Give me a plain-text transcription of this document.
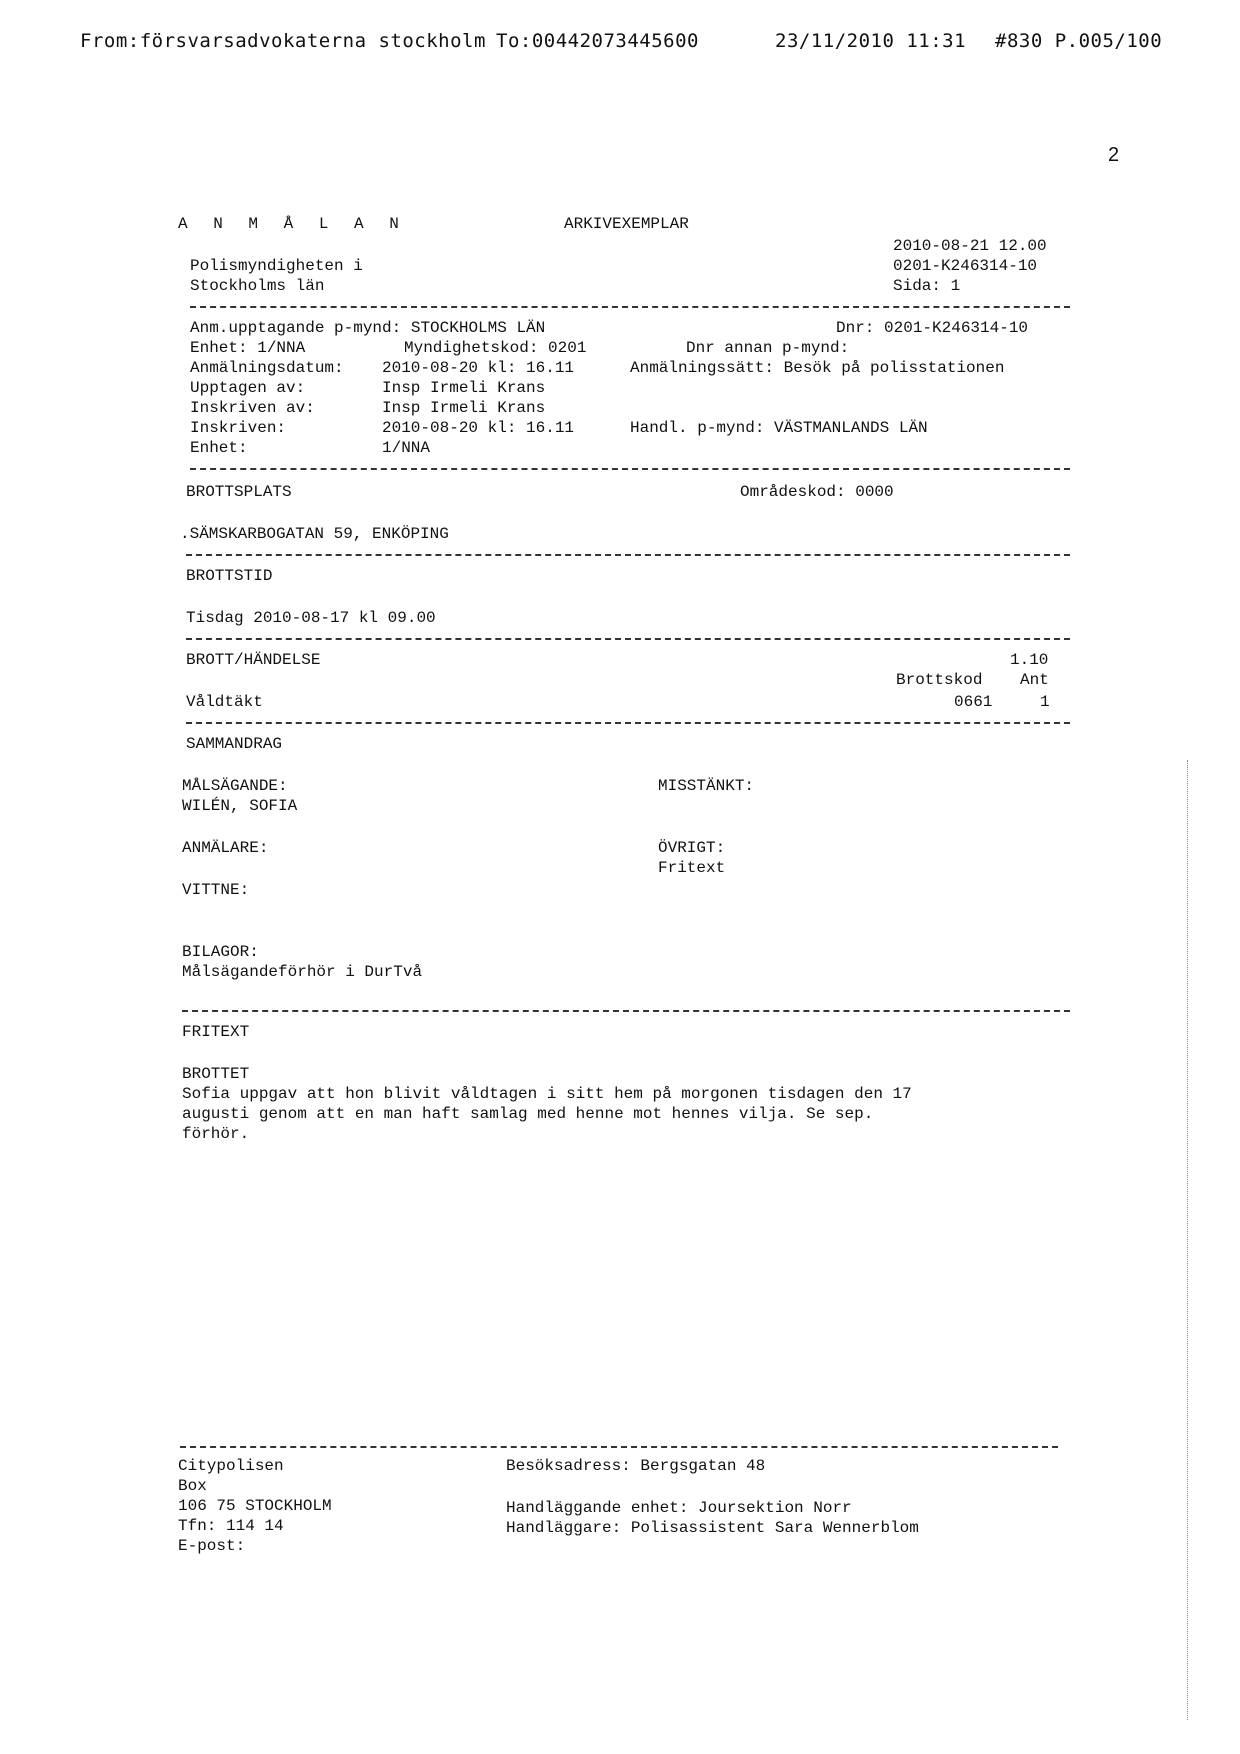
From:försvarsadvokaterna stockholm To:00442073445600	23/11/2010 11:31 #830 P.005/100
2
A N M Å L A N	ARKIVEXEMPLAR
2010-08-21 12.00
Polismyndigheten i	0201-K246314-10
Stockholms län	Sida: 1
Anm.upptagande p-mynd: STOCKHOLMS LÄN	Dnr: 0201-K246314-10
Enhet: 1/NNA	Myndighetskod: 0201	Dnr annan p-mynd:
Anmälningsdatum: 2010-08-20 kl: 16.11	Anmälningssätt: Besök på polisstationen
Upptagen av:	Insp Irmeli Krans
Inskriven av:	Insp Irmeli Krans
Inskriven:	2010-08-20 kl: 16.11	Handl. p-mynd: VÄSTMANLANDS LÄN
Enhet:	1/NNA
BROTTSPLATS	Områdeskod: 0000
.SÄMSKARBOGATAN 59, ENKÖPING
BROTTSTID
Tisdag 2010-08-17 kl 09.00
BROTT/HÄNDELSE	1.10
Brottskod Ant
Våldtäkt	0661	1
SAMMANDRAG
MÅLSÄGANDE:	MISSTÄNKT:
WILÉN, SOFIA
ANMÄLARE:	ÖVRIGT:
Fritext
VITTNE:
BILAGOR:
Målsägandeförhör i DurTvå
FRITEXT
BROTTET
Sofia uppgav att hon blivit våldtagen i sitt hem på morgonen tisdagen den 17
augusti genom att en man haft samlag med henne mot hennes vilja. Se sep.
förhör.
Citypolisen	Besöksadress: Bergsgatan 48
Box
106 75 STOCKHOLM	Handläggande enhet: Joursektion Norr
Tfn: 114 14	Handläggare: Polisassistent Sara Wennerblom
E-post:
